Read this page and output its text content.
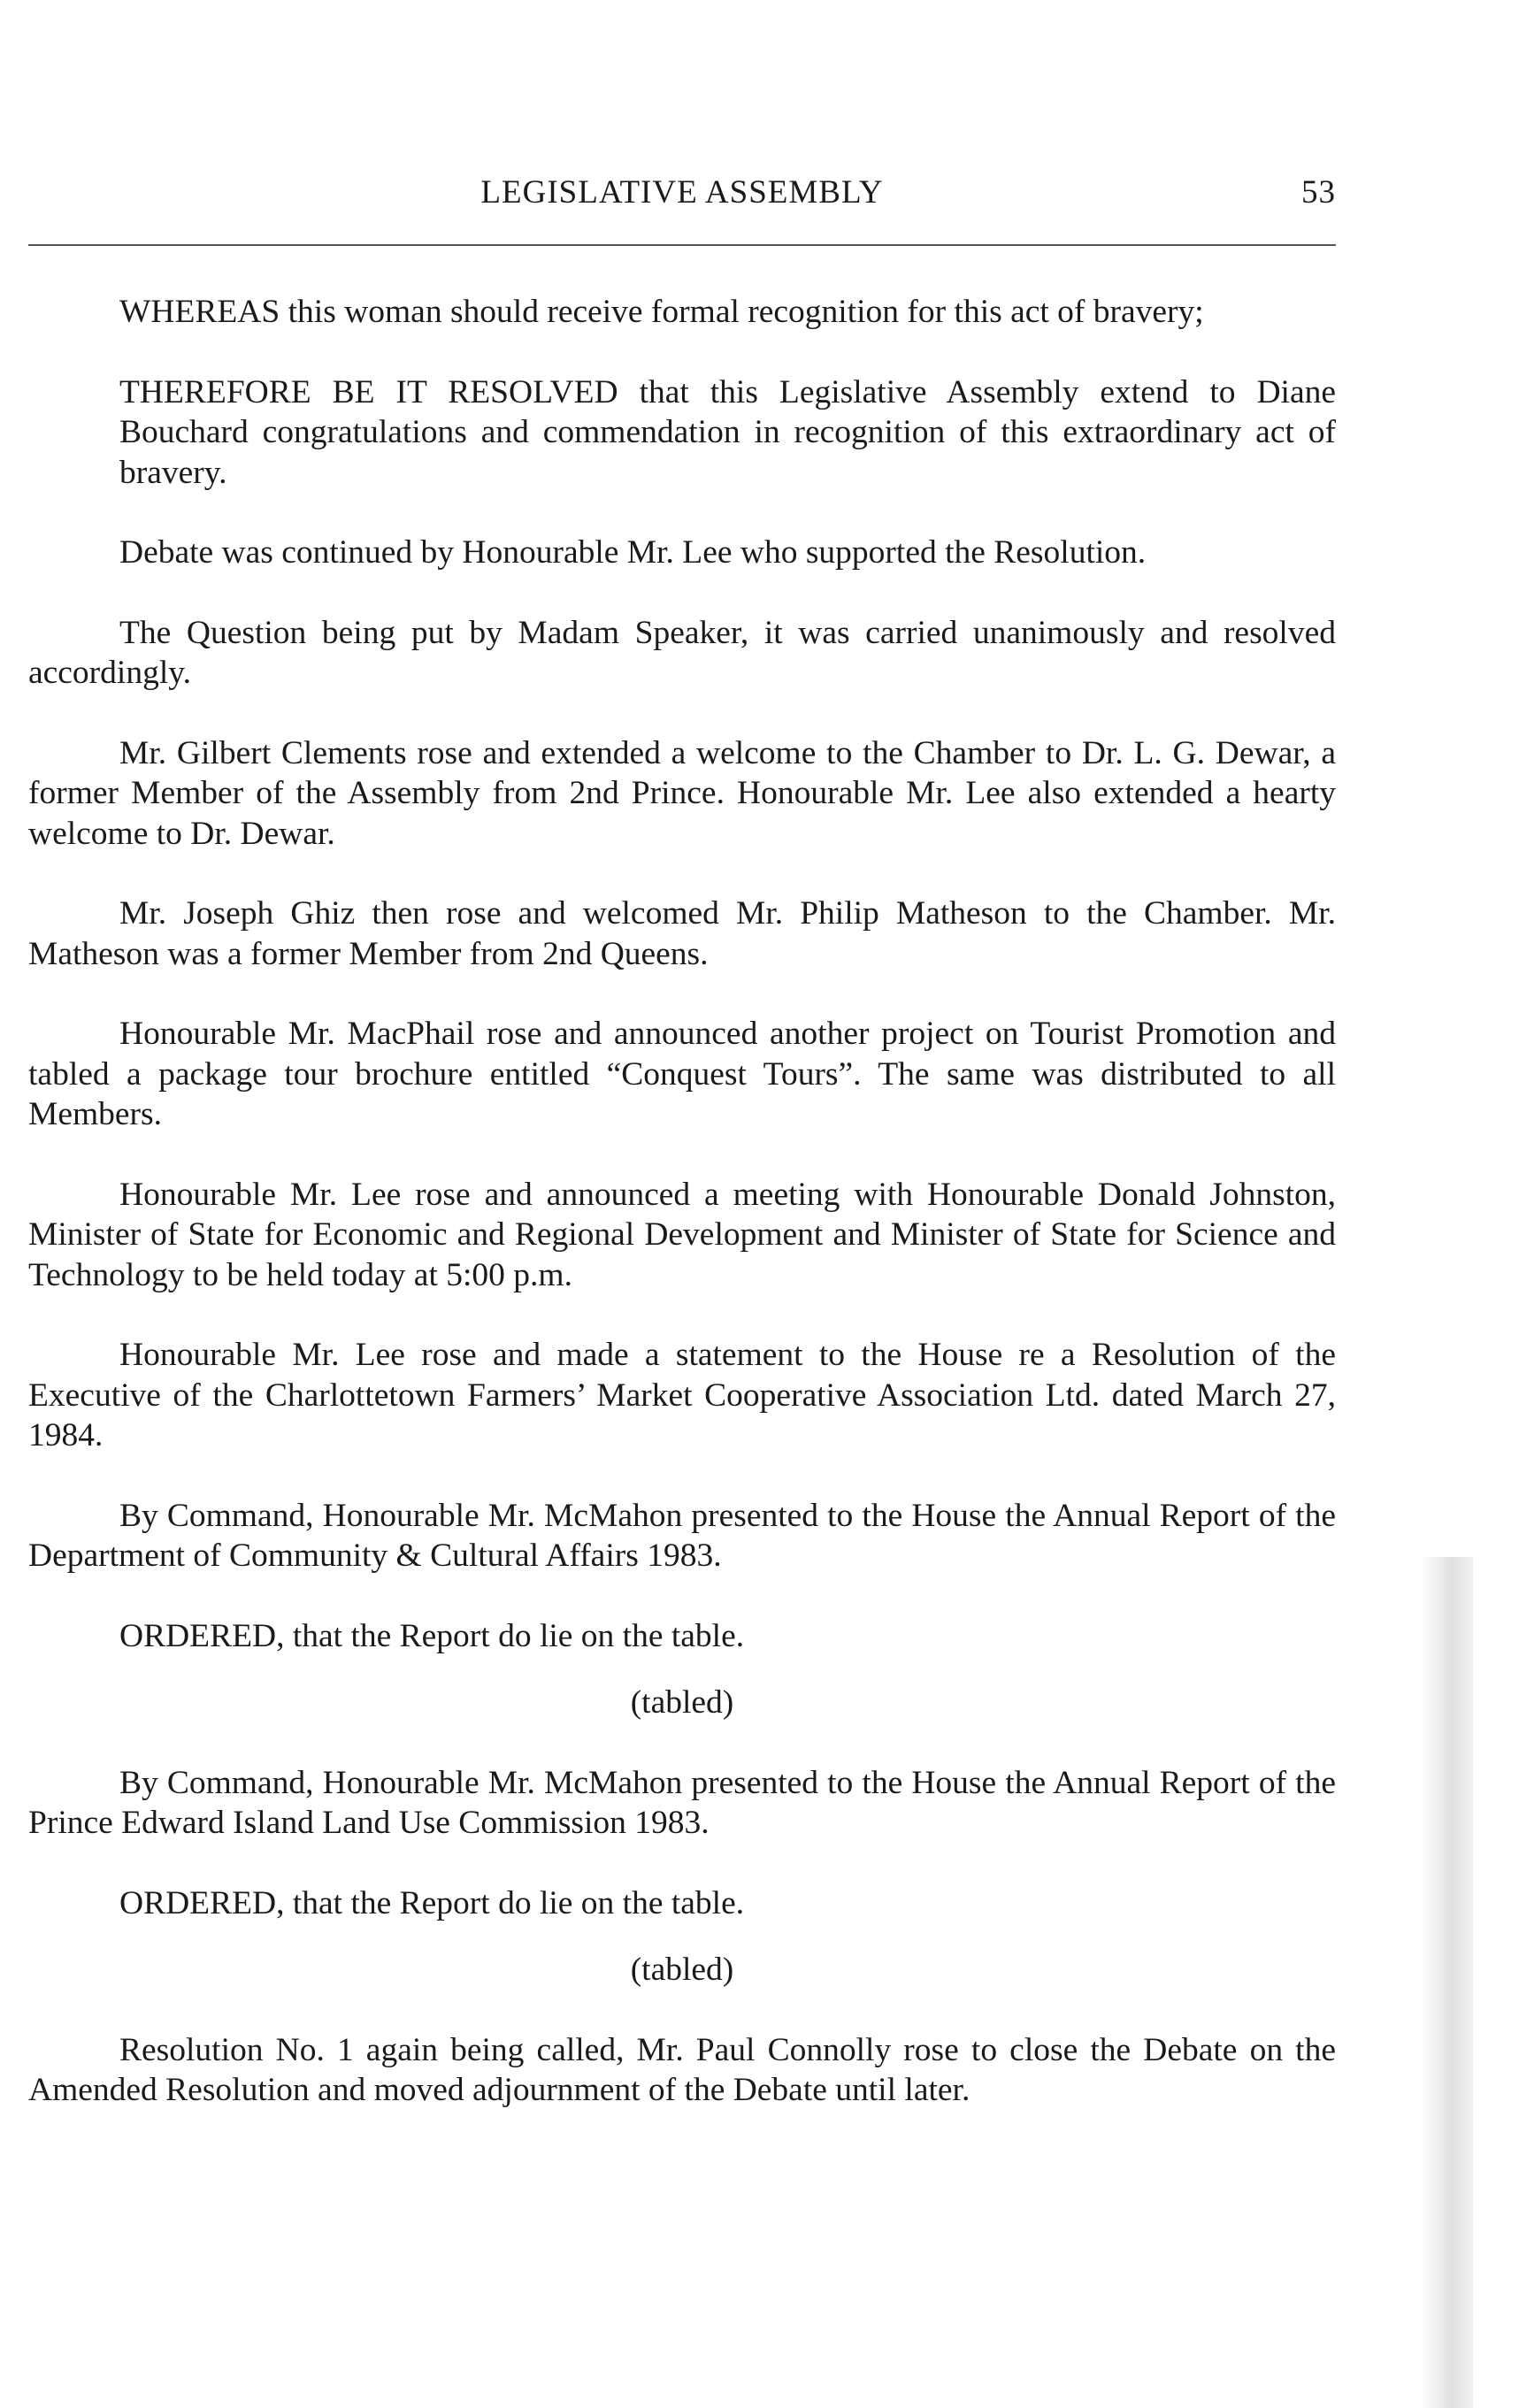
LEGISLATIVE ASSEMBLY	53

WHEREAS this woman should receive formal recognition for this act of bravery;

THEREFORE BE IT RESOLVED that this Legislative Assembly extend to Diane Bouchard congratulations and commendation in recognition of this extraordinary act of bravery.

Debate was continued by Honourable Mr. Lee who supported the Resolution.

The Question being put by Madam Speaker, it was carried unanimously and resolved accordingly.

Mr. Gilbert Clements rose and extended a welcome to the Chamber to Dr. L. G. Dewar, a former Member of the Assembly from 2nd Prince. Honourable Mr. Lee also extended a hearty welcome to Dr. Dewar.

Mr. Joseph Ghiz then rose and welcomed Mr. Philip Matheson to the Chamber. Mr. Matheson was a former Member from 2nd Queens.

Honourable Mr. MacPhail rose and announced another project on Tourist Promotion and tabled a package tour brochure entitled “Conquest Tours”. The same was distributed to all Members.

Honourable Mr. Lee rose and announced a meeting with Honourable Donald Johnston, Minister of State for Economic and Regional Development and Minister of State for Science and Technology to be held today at 5:00 p.m.

Honourable Mr. Lee rose and made a statement to the House re a Resolution of the Executive of the Charlottetown Farmers’ Market Cooperative Association Ltd. dated March 27, 1984.

By Command, Honourable Mr. McMahon presented to the House the Annual Report of the Department of Community & Cultural Affairs 1983.

ORDERED, that the Report do lie on the table.

(tabled)

By Command, Honourable Mr. McMahon presented to the House the Annual Report of the Prince Edward Island Land Use Commission 1983.

ORDERED, that the Report do lie on the table.

(tabled)

Resolution No. 1 again being called, Mr. Paul Connolly rose to close the Debate on the Amended Resolution and moved adjournment of the Debate until later.
